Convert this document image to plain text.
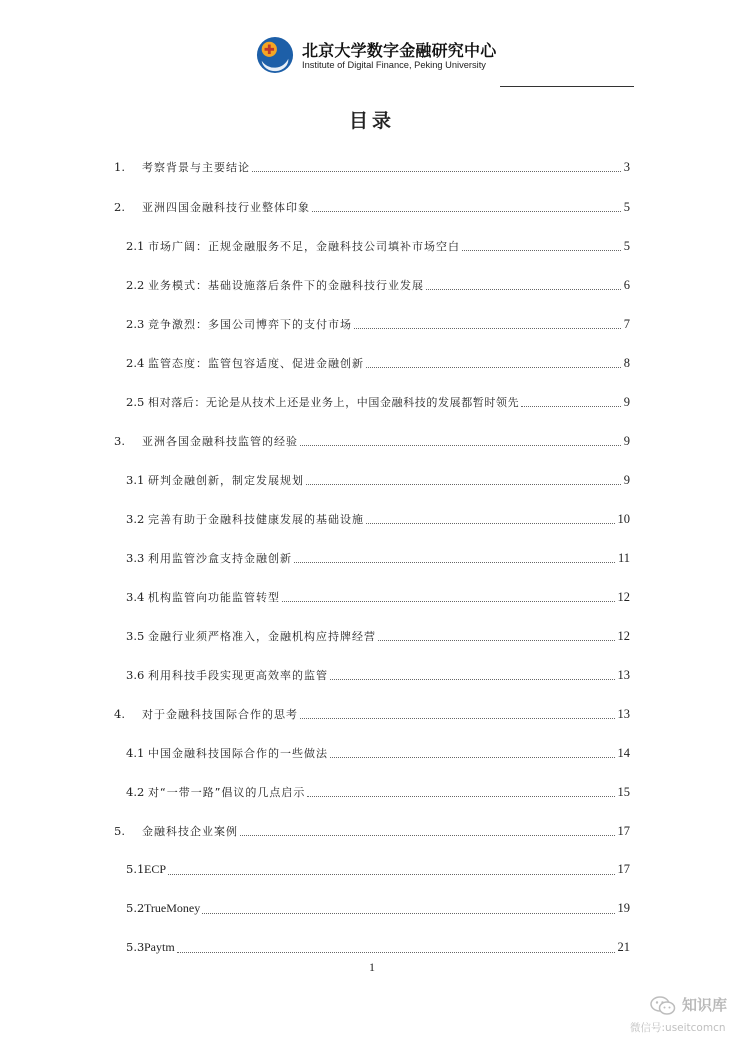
北京大学数字金融研究中心
Institute of Digital Finance, Peking University
目录
1.	考察背景与主要结论	3
2.	亚洲四国金融科技行业整体印象	5
2.1 市场广阔：正规金融服务不足，金融科技公司填补市场空白	5
2.2 业务模式：基础设施落后条件下的金融科技行业发展	6
2.3 竞争激烈：多国公司博弈下的支付市场	7
2.4 监管态度：监管包容适度、促进金融创新	8
2.5 相对落后：无论是从技术上还是业务上，中国金融科技的发展都暂时领先	9
3.	亚洲各国金融科技监管的经验	9
3.1 研判金融创新，制定发展规划	9
3.2 完善有助于金融科技健康发展的基础设施	10
3.3 利用监管沙盒支持金融创新	11
3.4 机构监管向功能监管转型	12
3.5 金融行业须严格准入，金融机构应持牌经营	12
3.6 利用科技手段实现更高效率的监管	13
4.	对于金融科技国际合作的思考	13
4.1 中国金融科技国际合作的一些做法	14
4.2 对“一带一路”倡议的几点启示	15
5.	金融科技企业案例	17
5.1 ECP	17
5.2 TrueMoney	19
5.3 Paytm	21
1
知识库
微信号:useitcomcn
